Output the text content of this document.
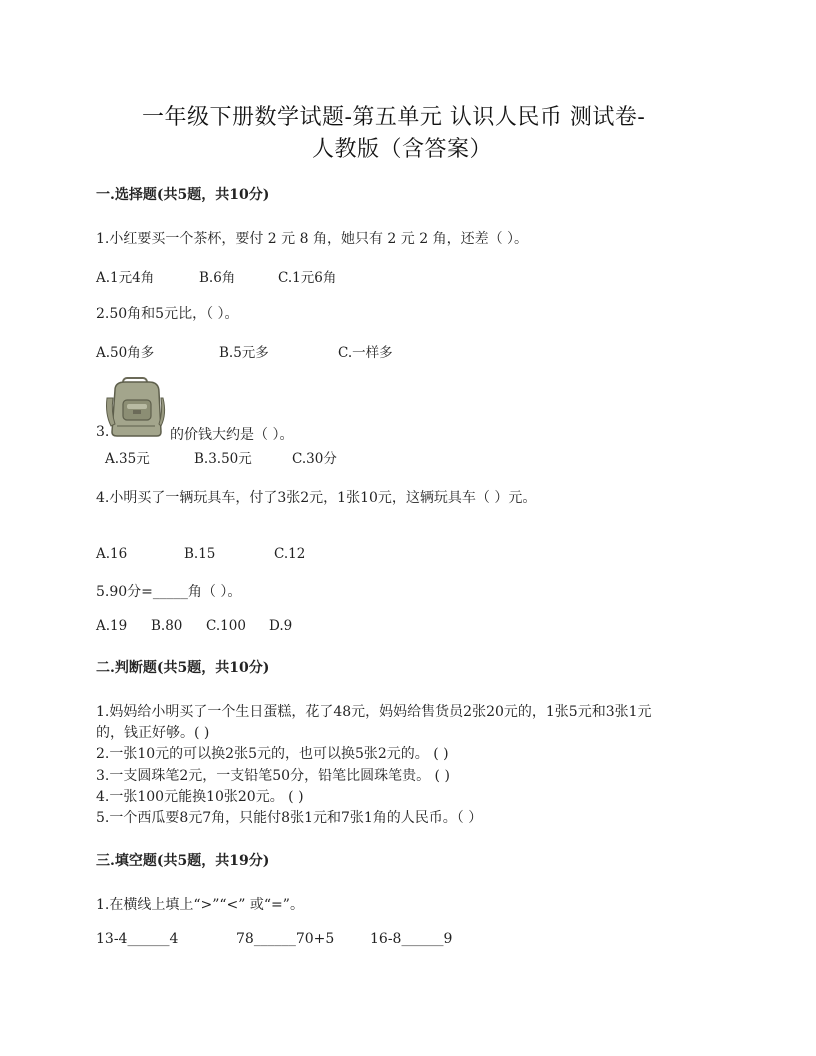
一年级下册数学试题-第五单元 认识人民币 测试卷-
人教版（含答案）
一.选择题(共5题，共10分)
1.小红要买一个茶杯，要付 2 元 8 角，她只有 2 元 2 角，还差（ ）。
A.1元4角	B.6角	C.1元6角
2.50角和5元比，（ ）。
A.50角多	B.5元多	C.一样多
3.	的价钱大约是（ ）。
A.35元	B.3.50元	C.30分
4.小明买了一辆玩具车，付了3张2元，1张10元，这辆玩具车（ ）元。
A.16	B.15	C.12
5.90分=_____角（ ）。
A.19 B.80 C.100 D.9
二.判断题(共5题，共10分)
1.妈妈给小明买了一个生日蛋糕，花了48元，妈妈给售货员2张20元的，1张5元和3张1元
的，钱正好够。( )
2.一张10元的可以换2张5元的，也可以换5张2元的。 ( )
3.一支圆珠笔2元，一支铅笔50分，铅笔比圆珠笔贵。 ( )
4.一张100元能换10张20元。 ( )
5.一个西瓜要8元7角，只能付8张1元和7张1角的人民币。（ ）
三.填空题(共5题，共19分)
1.在横线上填上“>”“<” 或“=”。
13-4______4	78______70+5	16-8______9
